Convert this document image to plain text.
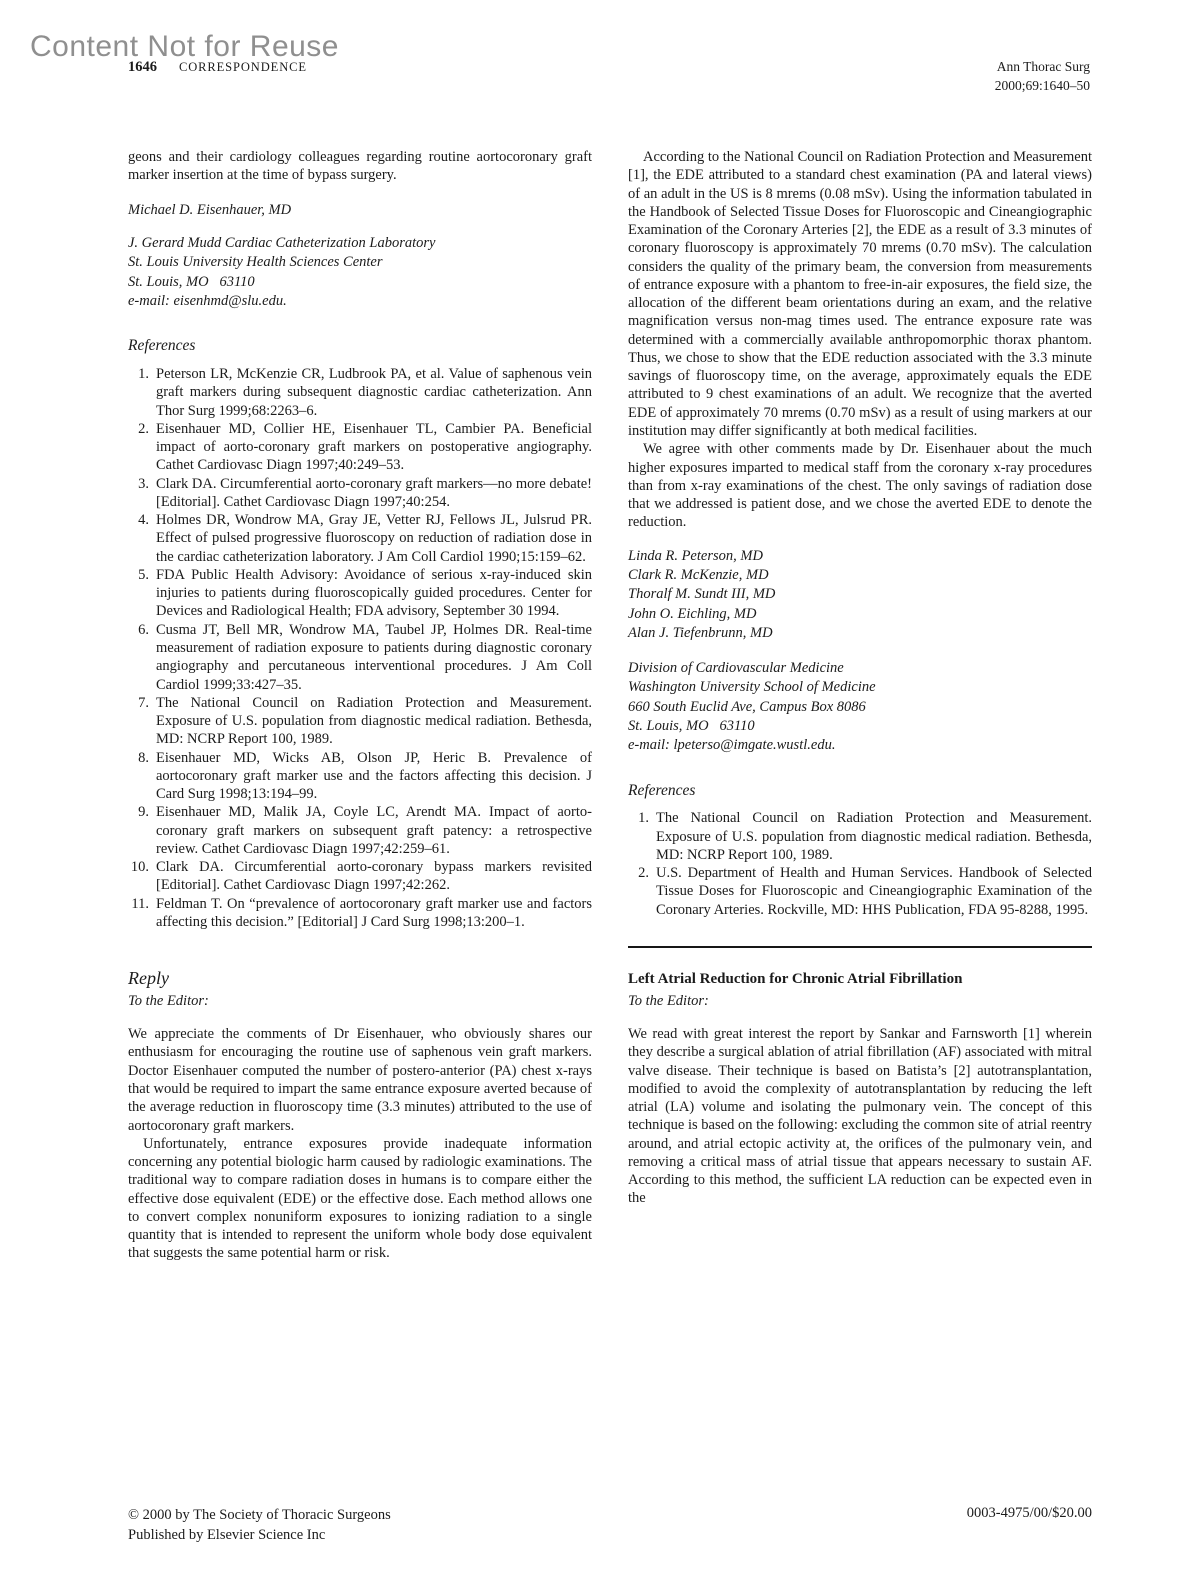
Content Not for Reuse
1646 CORRESPONDENCE	Ann Thorac Surg
2000;69:1640–50

geons and their cardiology colleagues regarding routine aortocoronary graft marker insertion at the time of bypass surgery.

Michael D. Eisenhauer, MD

J. Gerard Mudd Cardiac Catheterization Laboratory
St. Louis University Health Sciences Center
St. Louis, MO   63110
e-mail: eisenhmd@slu.edu.
References
Peterson LR, McKenzie CR, Ludbrook PA, et al. Value of saphenous vein graft markers during subsequent diagnostic cardiac catheterization. Ann Thor Surg 1999;68:2263–6.
Eisenhauer MD, Collier HE, Eisenhauer TL, Cambier PA. Beneficial impact of aorto-coronary graft markers on postoperative angiography. Cathet Cardiovasc Diagn 1997;40:249–53.
Clark DA. Circumferential aorto-coronary graft markers—no more debate! [Editorial]. Cathet Cardiovasc Diagn 1997;40:254.
Holmes DR, Wondrow MA, Gray JE, Vetter RJ, Fellows JL, Julsrud PR. Effect of pulsed progressive fluoroscopy on reduction of radiation dose in the cardiac catheterization laboratory. J Am Coll Cardiol 1990;15:159–62.
FDA Public Health Advisory: Avoidance of serious x-ray-induced skin injuries to patients during fluoroscopically guided procedures. Center for Devices and Radiological Health; FDA advisory, September 30 1994.
Cusma JT, Bell MR, Wondrow MA, Taubel JP, Holmes DR. Real-time measurement of radiation exposure to patients during diagnostic coronary angiography and percutaneous interventional procedures. J Am Coll Cardiol 1999;33:427–35.
The National Council on Radiation Protection and Measurement. Exposure of U.S. population from diagnostic medical radiation. Bethesda, MD: NCRP Report 100, 1989.
Eisenhauer MD, Wicks AB, Olson JP, Heric B. Prevalence of aortocoronary graft marker use and the factors affecting this decision. J Card Surg 1998;13:194–99.
Eisenhauer MD, Malik JA, Coyle LC, Arendt MA. Impact of aorto-coronary graft markers on subsequent graft patency: a retrospective review. Cathet Cardiovasc Diagn 1997;42:259–61.
Clark DA. Circumferential aorto-coronary bypass markers revisited [Editorial]. Cathet Cardiovasc Diagn 1997;42:262.
Feldman T. On “prevalence of aortocoronary graft marker use and factors affecting this decision.” [Editorial] J Card Surg 1998;13:200–1.
Reply

To the Editor:

We appreciate the comments of Dr Eisenhauer, who obviously shares our enthusiasm for encouraging the routine use of saphenous vein graft markers. Doctor Eisenhauer computed the number of postero-anterior (PA) chest x-rays that would be required to impart the same entrance exposure averted because of the average reduction in fluoroscopy time (3.3 minutes) attributed to the use of aortocoronary graft markers.

Unfortunately, entrance exposures provide inadequate information concerning any potential biologic harm caused by radiologic examinations. The traditional way to compare radiation doses in humans is to compare either the effective dose equivalent (EDE) or the effective dose. Each method allows one to convert complex nonuniform exposures to ionizing radiation to a single quantity that is intended to represent the uniform whole body dose equivalent that suggests the same potential harm or risk.

According to the National Council on Radiation Protection and Measurement [1], the EDE attributed to a standard chest examination (PA and lateral views) of an adult in the US is 8 mrems (0.08 mSv). Using the information tabulated in the Handbook of Selected Tissue Doses for Fluoroscopic and Cineangiographic Examination of the Coronary Arteries [2], the EDE as a result of 3.3 minutes of coronary fluoroscopy is approximately 70 mrems (0.70 mSv). The calculation considers the quality of the primary beam, the conversion from measurements of entrance exposure with a phantom to free-in-air exposures, the field size, the allocation of the different beam orientations during an exam, and the relative magnification versus non-mag times used. The entrance exposure rate was determined with a commercially available anthropomorphic thorax phantom. Thus, we chose to show that the EDE reduction associated with the 3.3 minute savings of fluoroscopy time, on the average, approximately equals the EDE attributed to 9 chest examinations of an adult. We recognize that the averted EDE of approximately 70 mrems (0.70 mSv) as a result of using markers at our institution may differ significantly at both medical facilities.

We agree with other comments made by Dr. Eisenhauer about the much higher exposures imparted to medical staff from the coronary x-ray procedures than from x-ray examinations of the chest. The only savings of radiation dose that we addressed is patient dose, and we chose the averted EDE to denote the reduction.

Linda R. Peterson, MD
Clark R. McKenzie, MD
Thoralf M. Sundt III, MD
John O. Eichling, MD
Alan J. Tiefenbrunn, MD
Division of Cardiovascular Medicine
Washington University School of Medicine
660 South Euclid Ave, Campus Box 8086
St. Louis, MO   63110
e-mail: lpeterso@imgate.wustl.edu.
References
The National Council on Radiation Protection and Measurement. Exposure of U.S. population from diagnostic medical radiation. Bethesda, MD: NCRP Report 100, 1989.
U.S. Department of Health and Human Services. Handbook of Selected Tissue Doses for Fluoroscopic and Cineangiographic Examination of the Coronary Arteries. Rockville, MD: HHS Publication, FDA 95-8288, 1995.
Left Atrial Reduction for Chronic Atrial Fibrillation

To the Editor:

We read with great interest the report by Sankar and Farnsworth [1] wherein they describe a surgical ablation of atrial fibrillation (AF) associated with mitral valve disease. Their technique is based on Batista’s [2] autotransplantation, modified to avoid the complexity of autotransplantation by reducing the left atrial (LA) volume and isolating the pulmonary vein. The concept of this technique is based on the following: excluding the common site of atrial reentry around, and atrial ectopic activity at, the orifices of the pulmonary vein, and removing a critical mass of atrial tissue that appears necessary to sustain AF. According to this method, the sufficient LA reduction can be expected even in the

© 2000 by The Society of Thoracic Surgeons
Published by Elsevier Science Inc
0003-4975/00/$20.00
